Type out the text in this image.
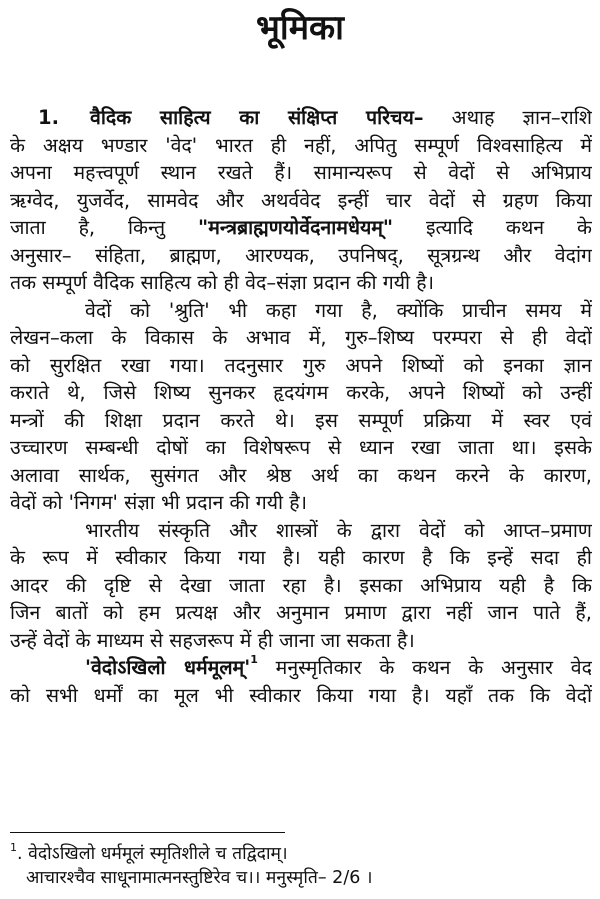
भूमिका
1. वैदिक साहित्य का संक्षिप्त परिचय– अथाह ज्ञान–राशि
के अक्षय भण्डार 'वेद' भारत ही नहीं, अपितु सम्पूर्ण विश्वसाहित्य में
अपना महत्त्वपूर्ण स्थान रखते हैं। सामान्यरूप से वेदों से अभिप्राय
ऋग्वेद, युजर्वेद, सामवेद और अथर्ववेद इन्हीं चार वेदों से ग्रहण किया
जाता है, किन्तु "मन्त्रब्राह्मणयोर्वेदनामधेयम्" इत्यादि कथन के
अनुसार– संहिता, ब्राह्मण, आरण्यक, उपनिषद्, सूत्रग्रन्थ और वेदांग
तक सम्पूर्ण वैदिक साहित्य को ही वेद–संज्ञा प्रदान की गयी है।
वेदों को 'श्रुति' भी कहा गया है, क्योंकि प्राचीन समय में
लेखन–कला के विकास के अभाव में, गुरु–शिष्य परम्परा से ही वेदों
को सुरक्षित रखा गया। तदनुसार गुरु अपने शिष्यों को इनका ज्ञान
कराते थे, जिसे शिष्य सुनकर हृदयंगम करके, अपने शिष्यों को उन्हीं
मन्त्रों की शिक्षा प्रदान करते थे। इस सम्पूर्ण प्रक्रिया में स्वर एवं
उच्चारण सम्बन्धी दोषों का विशेषरूप से ध्यान रखा जाता था। इसके
अलावा सार्थक, सुसंगत और श्रेष्ठ अर्थ का कथन करने के कारण,
वेदों को 'निगम' संज्ञा भी प्रदान की गयी है।
भारतीय संस्कृति और शास्त्रों के द्वारा वेदों को आप्त–प्रमाण
के रूप में स्वीकार किया गया है। यही कारण है कि इन्हें सदा ही
आदर की दृष्टि से देखा जाता रहा है। इसका अभिप्राय यही है कि
जिन बातों को हम प्रत्यक्ष और अनुमान प्रमाण द्वारा नहीं जान पाते हैं,
उन्हें वेदों के माध्यम से सहजरूप में ही जाना जा सकता है।
'वेदोऽखिलो $धर्ममूलम्'^1$ मनुस्मृतिकार के कथन के अनुसार वेद
को सभी धर्मों का मूल भी स्वीकार किया गया है। यहाँ तक कि वेदों
$^1$. वेदोऽखिलो धर्ममूलं स्मृतिशीले च तद्विदाम्।
आचारश्चैव साधूनामात्मनस्तुष्टिरेव च।। मनुस्मृति– 2/6 ।
